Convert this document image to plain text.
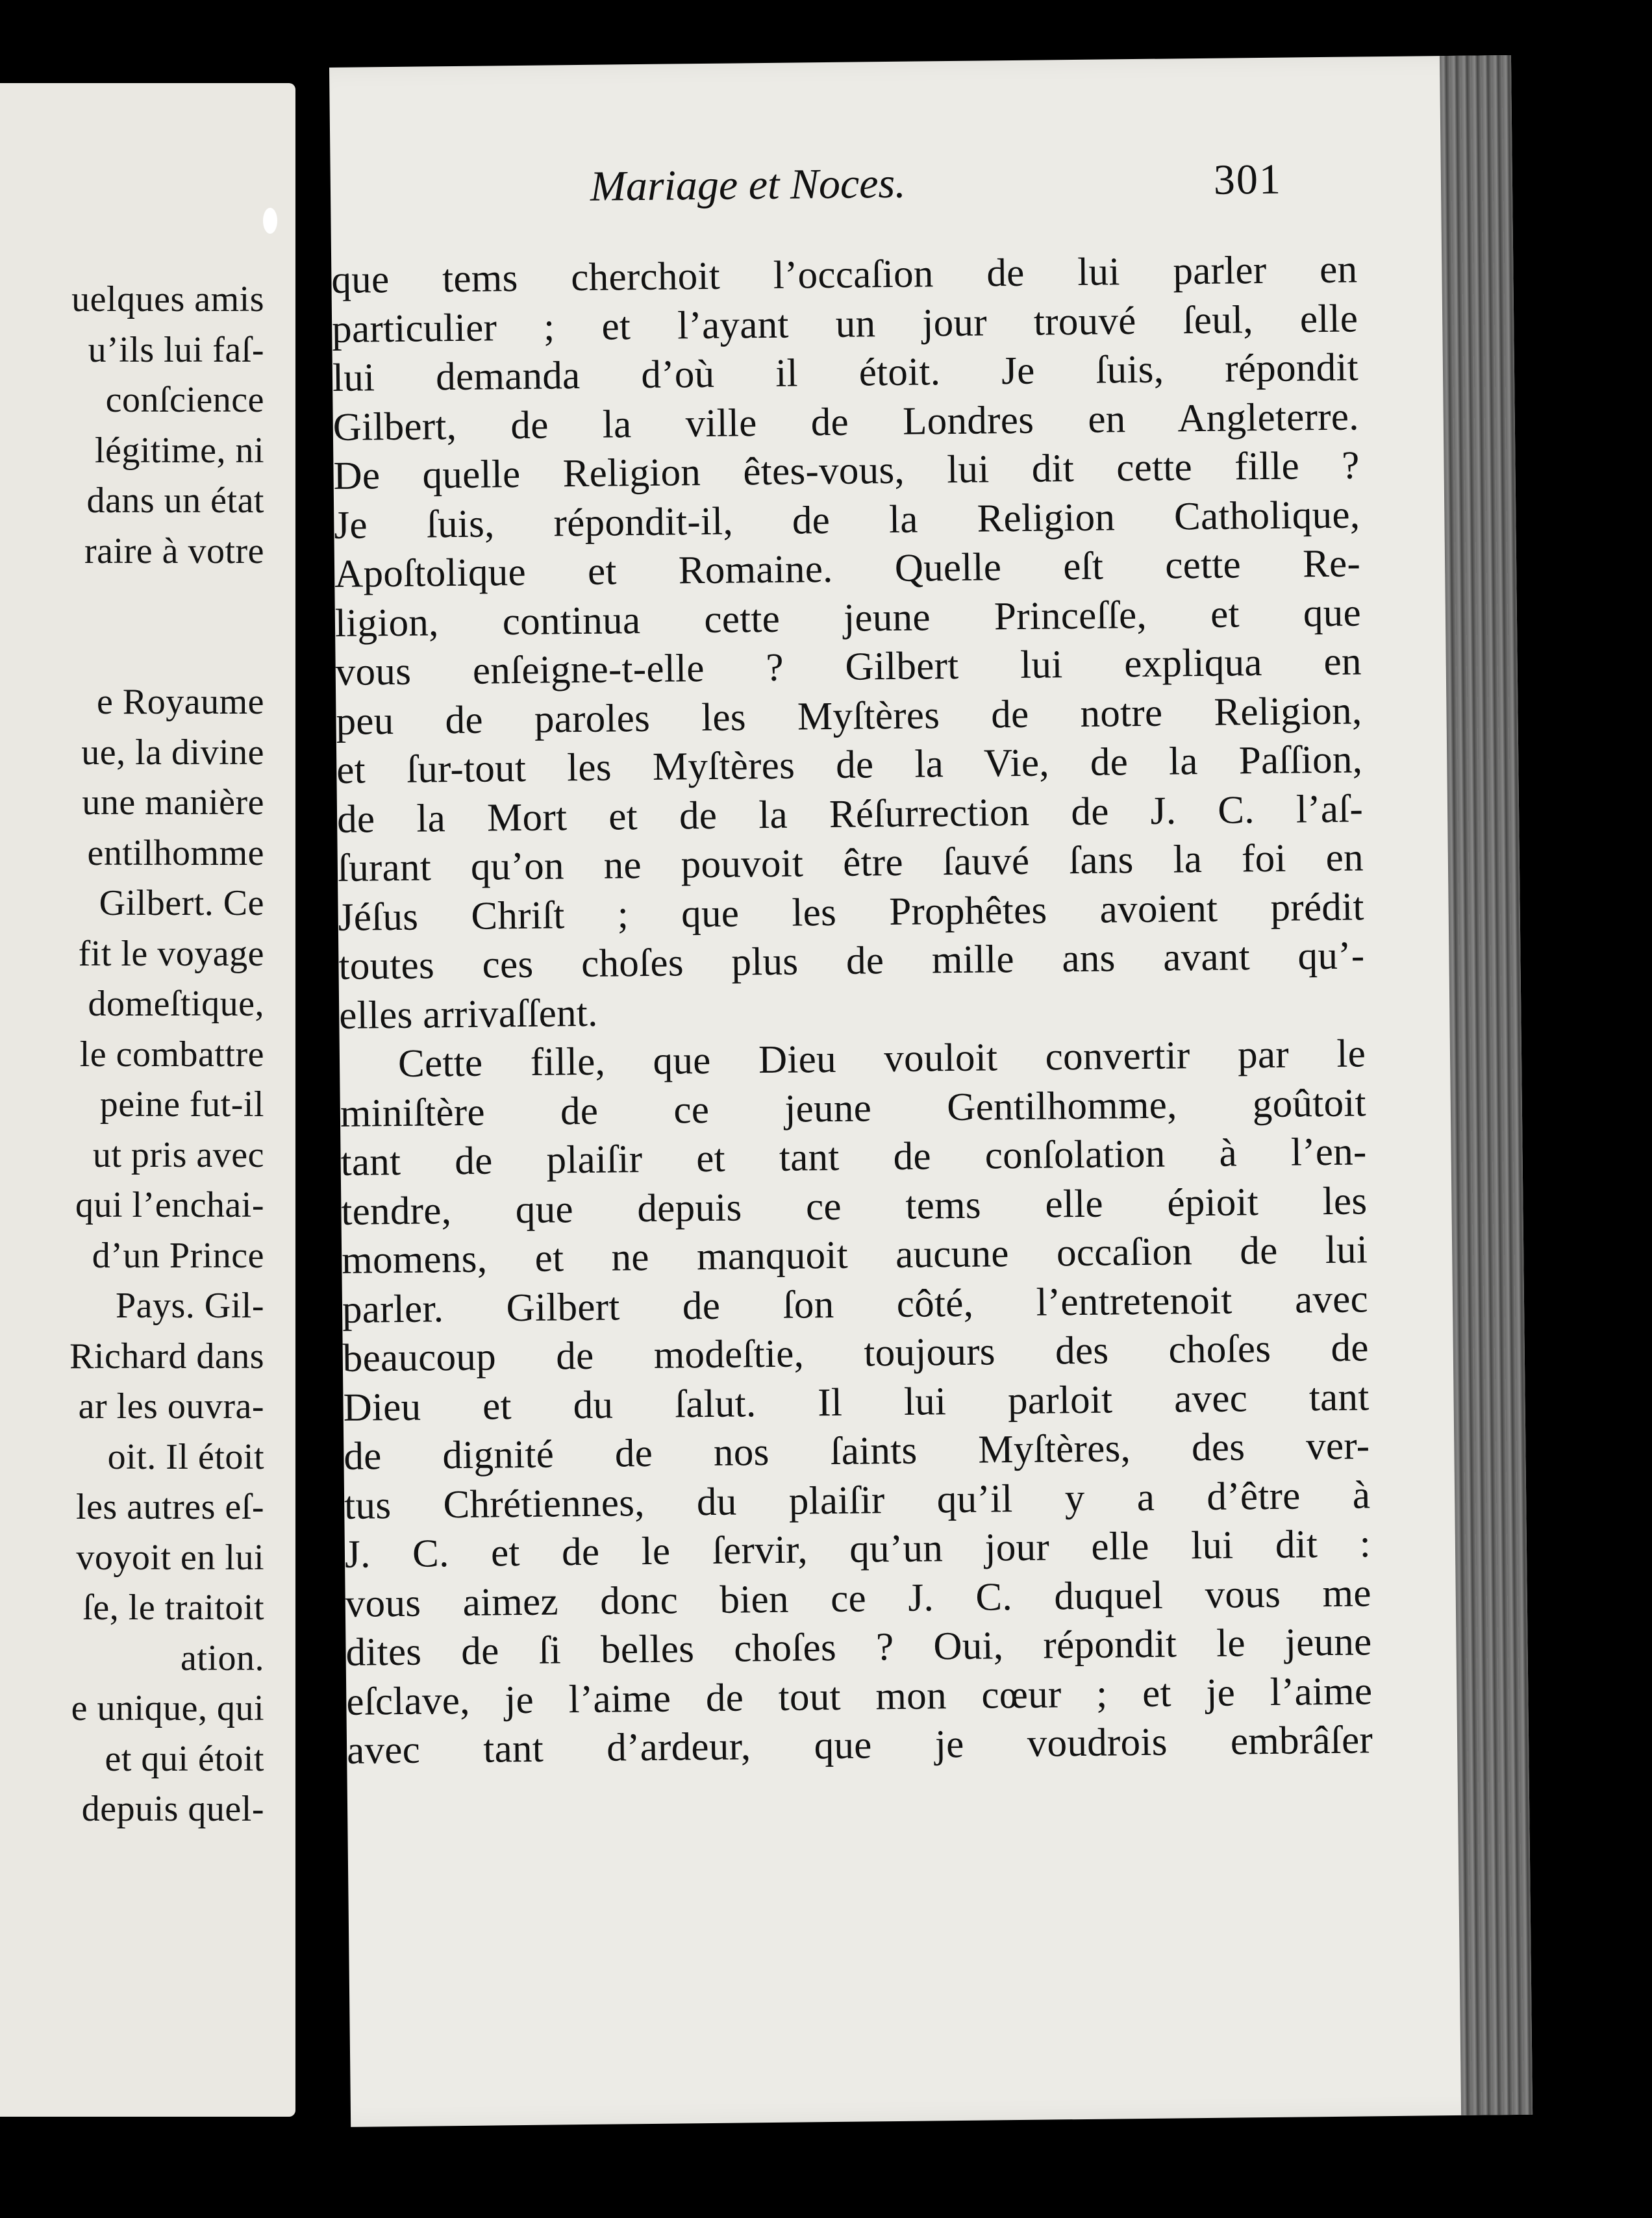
uelques amis
u’ils lui faſ-
conſcience
légitime, ni
dans un état
raire à votre
e Royaume
ue, la divine
une manière
entilhomme
Gilbert. Ce
fit le voyage
domeſtique,
le combattre
peine fut-il
ut pris avec
qui l’enchai-
d’un Prince
Pays. Gil-
Richard dans
ar les ouvra-
oit. Il étoit
les autres eſ-
voyoit en lui
ſe, le traitoit
ation.
e unique, qui
et qui étoit
depuis quel-
Mariage et Noces.	301
que tems cherchoit l’occaſion de lui parler en
particulier ; et l’ayant un jour trouvé ſeul, elle
lui demanda d’où il étoit. Je ſuis, répondit
Gilbert, de la ville de Londres en Angleterre.
De quelle Religion êtes-vous, lui dit cette fille ?
Je ſuis, répondit-il, de la Religion Catholique,
Apoſtolique et Romaine. Quelle eſt cette Re-
ligion, continua cette jeune Princeſſe, et que
vous enſeigne-t-elle ? Gilbert lui expliqua en
peu de paroles les Myſtères de notre Religion,
et ſur-tout les Myſtères de la Vie, de la Paſſion,
de la Mort et de la Réſurrection de J. C. l’aſ-
ſurant qu’on ne pouvoit être ſauvé ſans la foi en
Jéſus Chriſt ; que les Prophêtes avoient prédit
toutes ces choſes plus de mille ans avant qu’-
elles arrivaſſent.
Cette fille, que Dieu vouloit convertir par le
miniſtère de ce jeune Gentilhomme, goûtoit
tant de plaiſir et tant de conſolation à l’en-
tendre, que depuis ce tems elle épioit les
momens, et ne manquoit aucune occaſion de lui
parler. Gilbert de ſon côté, l’entretenoit avec
beaucoup de modeſtie, toujours des choſes de
Dieu et du ſalut. Il lui parloit avec tant
de dignité de nos ſaints Myſtères, des ver-
tus Chrétiennes, du plaiſir qu’il y a d’être à
J. C. et de le ſervir, qu’un jour elle lui dit :
vous aimez donc bien ce J. C. duquel vous me
dites de ſi belles choſes ? Oui, répondit le jeune
eſclave, je l’aime de tout mon cœur ; et je l’aime
avec tant d’ardeur, que je voudrois embrâſer
